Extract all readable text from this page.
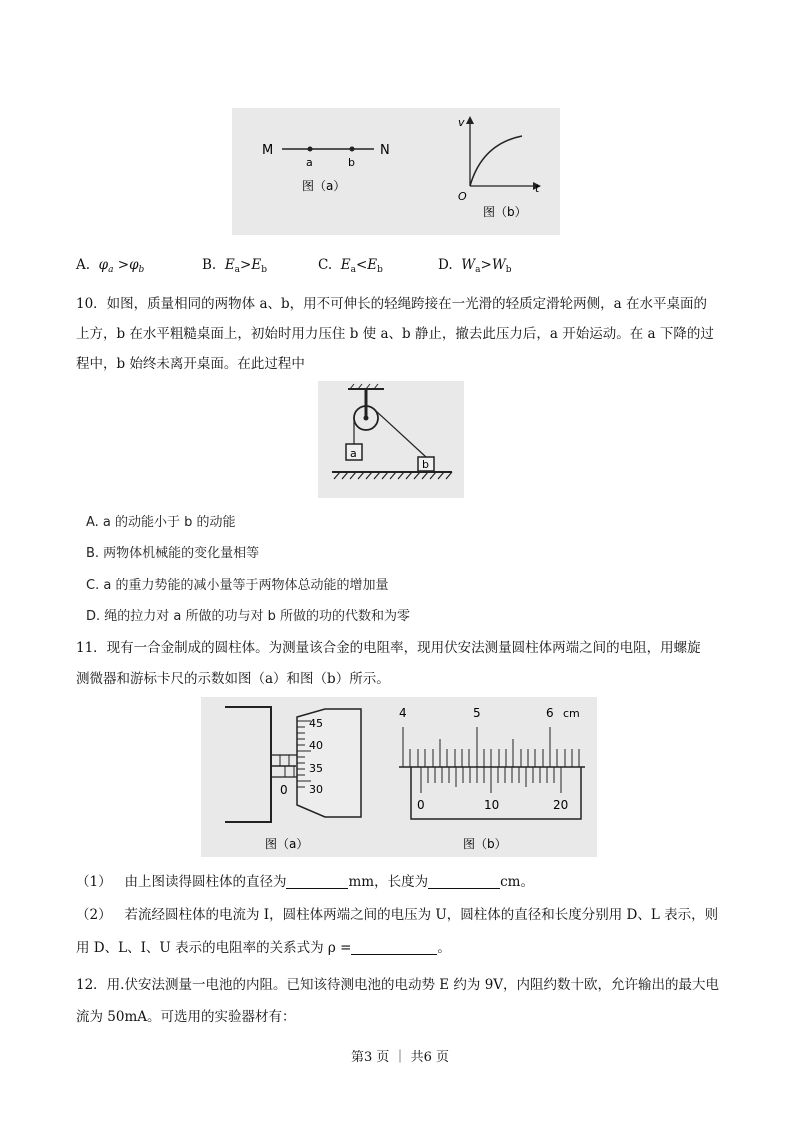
M	N
a	b
图（a）
v
t
O
图（b）
A. $\varphi_a >\varphi_b$	B. $E_a>E_b$	C. $E_a<E_b$	D. $W_a>W_b$
10．如图，质量相同的两物体 a、b，用不可伸长的轻绳跨接在一光滑的轻质定滑轮两侧，a 在水平桌面的
上方，b 在水平粗糙桌面上，初始时用力压住 b 使 a、b 静止，撤去此压力后，a 开始运动。在 a 下降的过
程中，b 始终未离开桌面。在此过程中
a
b
A. a 的动能小于 b 的动能
B. 两物体机械能的变化量相等
C. a 的重力势能的减小量等于两物体总动能的增加量
D. 绳的拉力对 a 所做的功与对 b 所做的功的代数和为零
11．现有一合金制成的圆柱体。为测量该合金的电阻率，现用伏安法测量圆柱体两端之间的电阻，用螺旋
测微器和游标卡尺的示数如图（a）和图（b）所示。
0
45
40
35
30
图（a）
4	5	6 cm
0	10	20
图（b）
（1） 由上图读得圆柱体的直径为	mm，长度为	cm。
（2） 若流经圆柱体的电流为 I，圆柱体两端之间的电压为 U，圆柱体的直径和长度分别用 D、L 表示，则
用 D、L、I、U 表示的电阻率的关系式为 ρ =	。
12．用.伏安法测量一电池的内阻。已知该待测电池的电动势 E 约为 9V，内阻约数十欧，允许输出的最大电
流为 50mA。可选用的实验器材有：
第3 页 ｜ 共6 页
